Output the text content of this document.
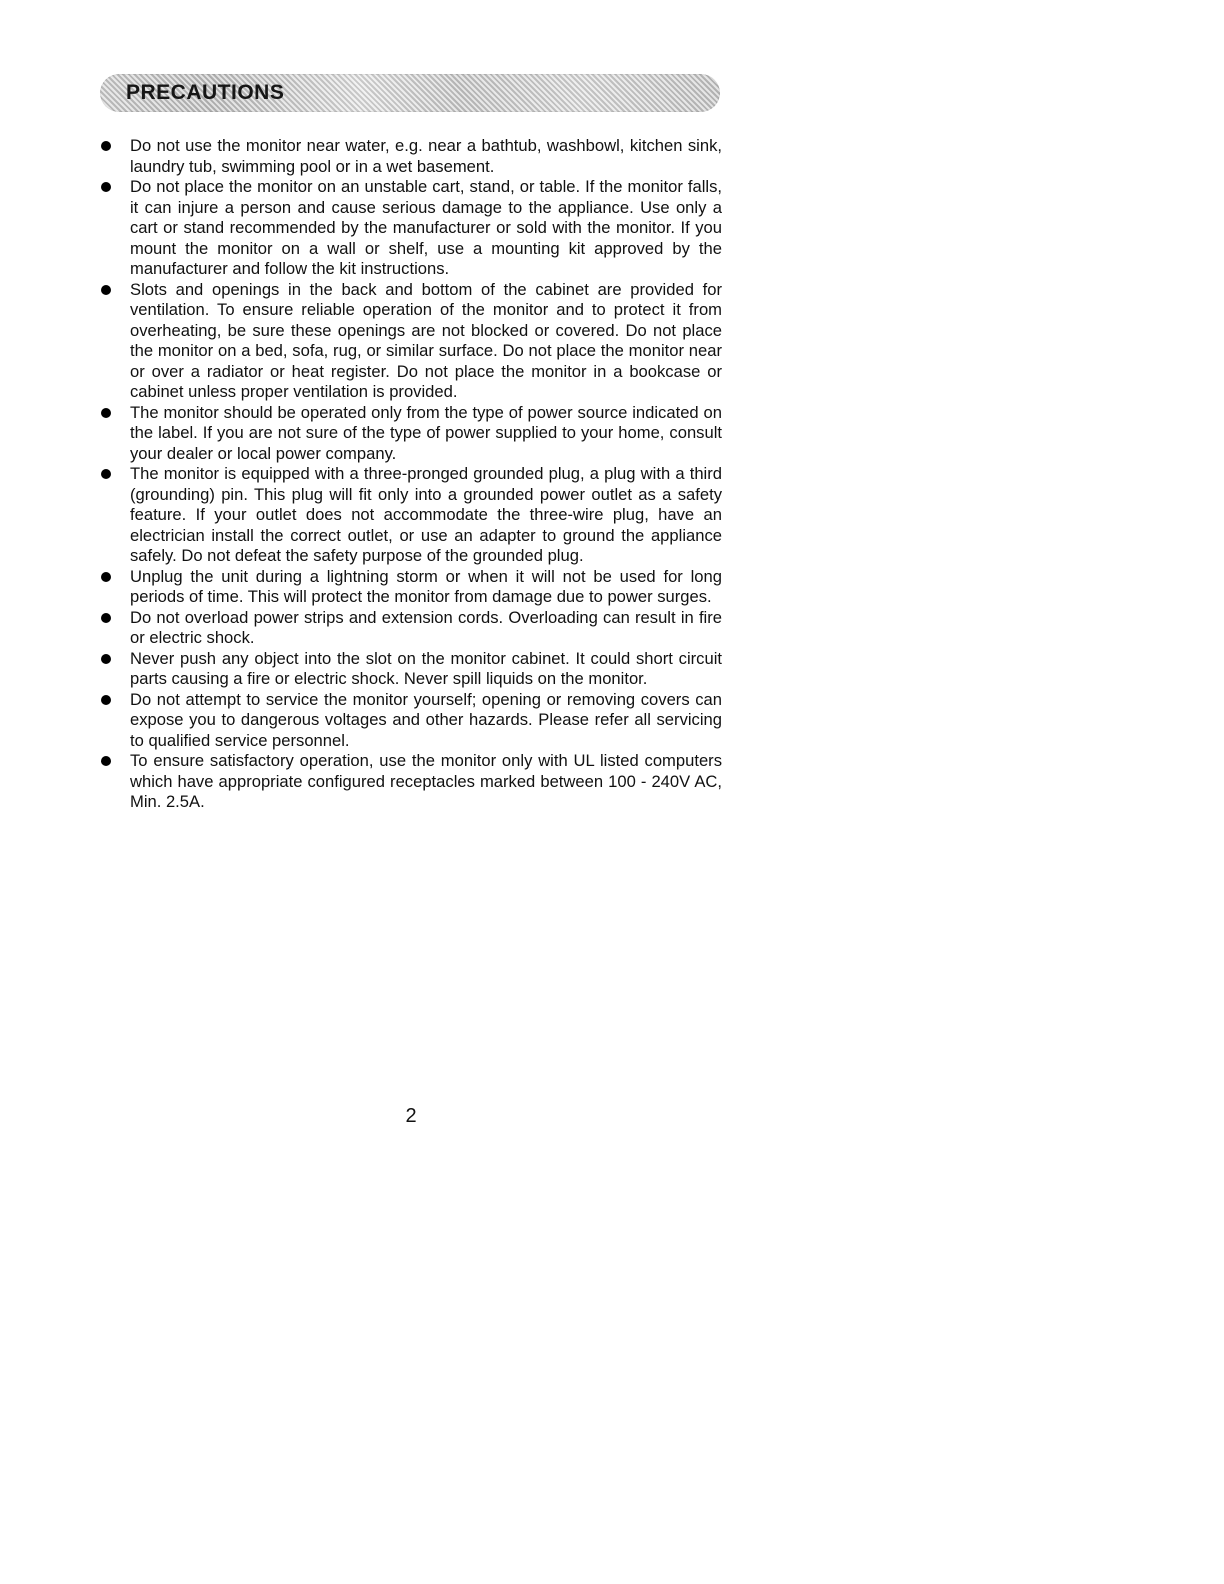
PRECAUTIONS
Do not use the monitor near water, e.g. near a bathtub, washbowl, kitchen sink, laundry tub, swimming pool or in a wet basement.
Do not place the monitor on an unstable cart, stand, or table. If the monitor falls, it can injure a person and cause serious damage to the appliance. Use only a cart or stand recommended by the manufacturer or sold with the monitor. If you mount the monitor on a wall or shelf, use a mounting kit approved by the manufacturer and follow the kit instructions.
Slots and openings in the back and bottom of the cabinet are provided for ventilation. To ensure reliable operation of the monitor and to protect it from overheating, be sure these openings are not blocked or covered. Do not place the monitor on a bed, sofa, rug, or similar surface. Do not place the monitor near or over a radiator or heat register. Do not place the monitor in a bookcase or cabinet unless proper ventilation is provided.
The monitor should be operated only from the type of power source indicated on the label. If you are not sure of the type of power supplied to your home, consult your dealer or local power company.
The monitor is equipped with a three-pronged grounded plug, a plug with a third (grounding) pin. This plug will fit only into a grounded power outlet as a safety feature. If your outlet does not accommodate the three-wire plug, have an electrician install the correct outlet, or use an adapter to ground the appliance safely. Do not defeat the safety purpose of the grounded plug.
Unplug the unit during a lightning storm or when it will not be used for long periods of time. This will protect the monitor from damage due to power surges.
Do not overload power strips and extension cords. Overloading can result in fire or electric shock.
Never push any object into the slot on the monitor cabinet. It could short circuit parts causing a fire or electric shock. Never spill liquids on the monitor.
Do not attempt to service the monitor yourself; opening or removing covers can expose you to dangerous voltages and other hazards. Please refer all servicing to qualified service personnel.
To ensure satisfactory operation, use the monitor only with UL listed computers which have appropriate configured receptacles marked between 100 - 240V AC, Min. 2.5A.
2
